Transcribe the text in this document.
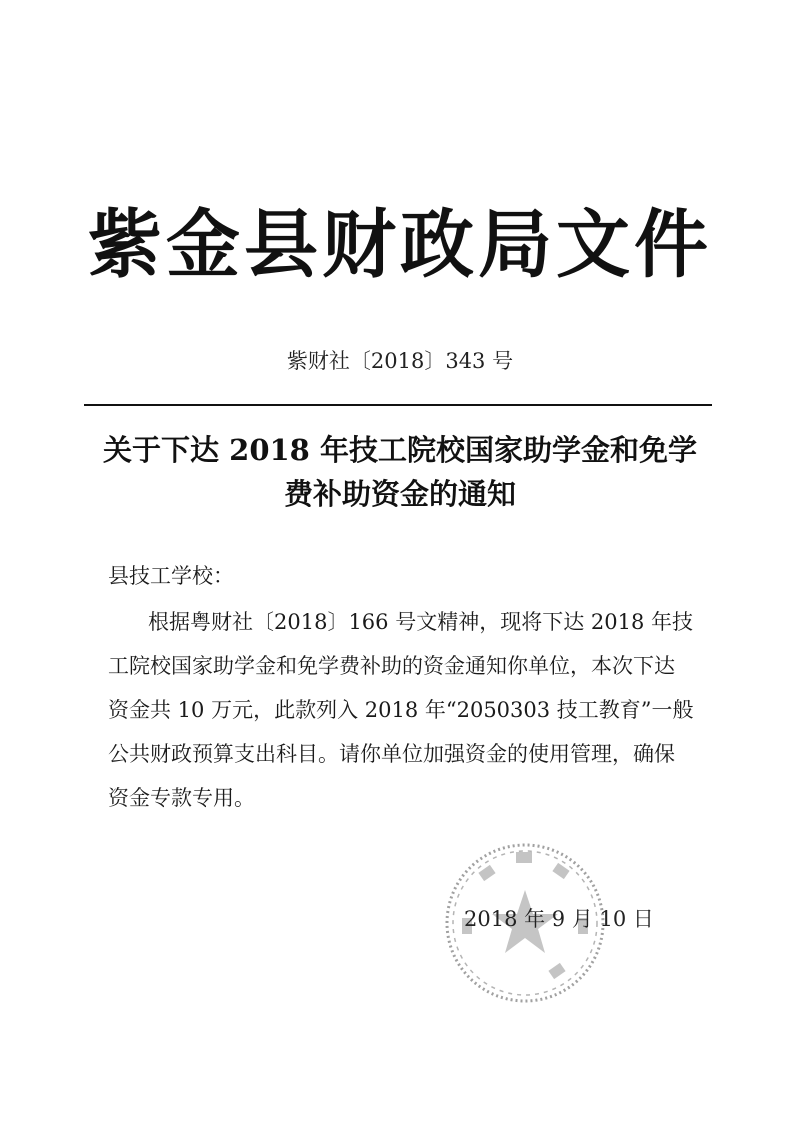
紫金县财政局文件
紫财社〔2018〕343 号
关于下达 2018 年技工院校国家助学金和免学
费补助资金的通知
县技工学校：
根据粤财社〔2018〕166 号文精神，现将下达 2018 年技
工院校国家助学金和免学费补助的资金通知你单位，本次下达
资金共 10 万元，此款列入 2018 年“2050303 技工教育”一般
公共财政预算支出科目。请你单位加强资金的使用管理，确保
资金专款专用。
2018 年 9 月 10 日
